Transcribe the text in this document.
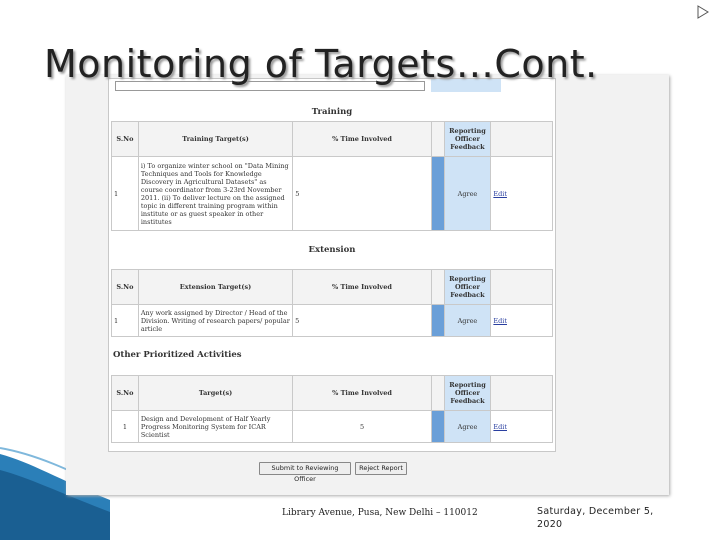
Monitoring of Targets…Cont.
Training
S.No	Training Target(s)	% Time Involved		Reporting Officer Feedback	
1	i) To organize winter school on "Data Mining Techniques and Tools for Knowledge Discovery in Agricultural Datasets" as course coordinator from 3-23rd November 2011. (ii) To deliver lecture on the assigned topic in different training program within institute or as guest speaker in other institutes	5		Agree	Edit
Extension
S.No	Extension Target(s)	% Time Involved		Reporting Officer Feedback	
1	Any work assigned by Director / Head of the Division. Writing of research papers/ popular article	5		Agree	Edit
Other Prioritized Activities
S.No	Target(s)	% Time Involved		Reporting Officer Feedback	
1	Design and Development of Half Yearly Progress Monitoring System for ICAR Scientist	5		Agree	Edit
Submit to Reviewing Officer
Reject Report
Library Avenue, Pusa, New Delhi – 110012	Saturday, December 5, 2020
